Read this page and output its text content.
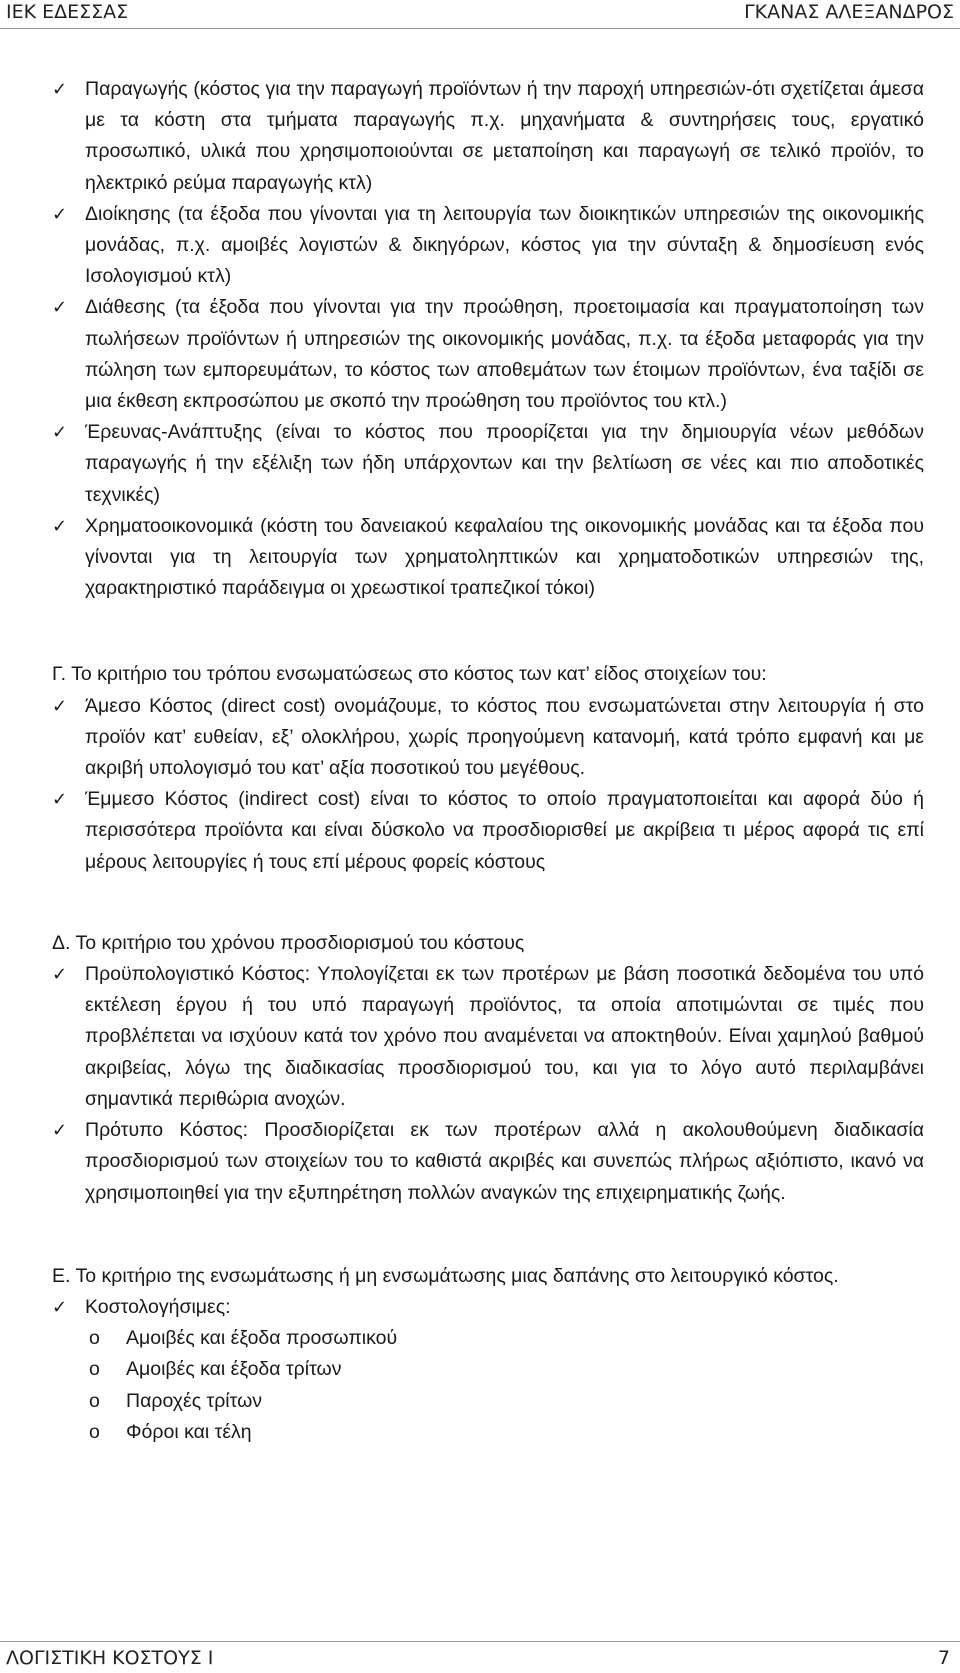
ΙΕΚ ΕΔΕΣΣΑΣ	ΓΚΑΝΑΣ ΑΛΕΞΑΝΔΡΟΣ
✓ Παραγωγής (κόστος για την παραγωγή προϊόντων ή την παροχή υπηρεσιών-ότι σχετίζεται άμεσα με τα κόστη στα τμήματα παραγωγής π.χ. μηχανήματα & συντηρήσεις τους, εργατικό προσωπικό, υλικά που χρησιμοποιούνται σε μεταποίηση και παραγωγή σε τελικό προϊόν, το ηλεκτρικό ρεύμα παραγωγής κτλ)
✓ Διοίκησης (τα έξοδα που γίνονται για τη λειτουργία των διοικητικών υπηρεσιών της οικονομικής μονάδας, π.χ. αμοιβές λογιστών & δικηγόρων, κόστος για την σύνταξη & δημοσίευση ενός Ισολογισμού κτλ)
✓ Διάθεσης (τα έξοδα που γίνονται για την προώθηση, προετοιμασία και πραγματοποίηση των πωλήσεων προϊόντων ή υπηρεσιών της οικονομικής μονάδας, π.χ. τα έξοδα μεταφοράς για την πώληση των εμπορευμάτων, το κόστος των αποθεμάτων των έτοιμων προϊόντων, ένα ταξίδι σε μια έκθεση εκπροσώπου με σκοπό την προώθηση του προϊόντος του κτλ.)
✓ Έρευνας-Ανάπτυξης (είναι το κόστος που προορίζεται για την δημιουργία νέων μεθόδων παραγωγής ή την εξέλιξη των ήδη υπάρχοντων και την βελτίωση σε νέες και πιο αποδοτικές τεχνικές)
✓ Χρηματοοικονομικά (κόστη του δανειακού κεφαλαίου της οικονομικής μονάδας και τα έξοδα που γίνονται για τη λειτουργία των χρηματοληπτικών και χρηματοδοτικών υπηρεσιών της, χαρακτηριστικό παράδειγμα οι χρεωστικοί τραπεζικοί τόκοι)
Γ. Το κριτήριο του τρόπου ενσωματώσεως στο κόστος των κατ’ είδος στοιχείων του:
✓ Άμεσο Κόστος (direct cost) ονομάζουμε, το κόστος που ενσωματώνεται στην λειτουργία ή στο προϊόν κατ’ ευθείαν, εξ’ ολοκλήρου, χωρίς προηγούμενη κατανομή, κατά τρόπο εμφανή και με ακριβή υπολογισμό του κατ’ αξία ποσοτικού του μεγέθους.
✓ Έμμεσο Κόστος (indirect cost) είναι το κόστος το οποίο πραγματοποιείται και αφορά δύο ή περισσότερα προϊόντα και είναι δύσκολο να προσδιορισθεί με ακρίβεια τι μέρος αφορά τις επί μέρους λειτουργίες ή τους επί μέρους φορείς κόστους
Δ. Το κριτήριο του χρόνου προσδιορισμού του κόστους
✓ Προϋπολογιστικό Κόστος: Υπολογίζεται εκ των προτέρων με βάση ποσοτικά δεδομένα του υπό εκτέλεση έργου ή του υπό παραγωγή προϊόντος, τα οποία αποτιμώνται σε τιμές που προβλέπεται να ισχύουν κατά τον χρόνο που αναμένεται να αποκτηθούν. Είναι χαμηλού βαθμού ακριβείας, λόγω της διαδικασίας προσδιορισμού του, και για το λόγο αυτό περιλαμβάνει σημαντικά περιθώρια ανοχών.
✓ Πρότυπο Κόστος: Προσδιορίζεται εκ των προτέρων αλλά η ακολουθούμενη διαδικασία προσδιορισμού των στοιχείων του το καθιστά ακριβές και συνεπώς πλήρως αξιόπιστο, ικανό να χρησιμοποιηθεί για την εξυπηρέτηση πολλών αναγκών της επιχειρηματικής ζωής.
Ε. Το κριτήριο της ενσωμάτωσης ή μη ενσωμάτωσης μιας δαπάνης στο λειτουργικό κόστος.
✓ Κοστολογήσιμες:
o Αμοιβές και έξοδα προσωπικού
o Αμοιβές και έξοδα τρίτων
o Παροχές τρίτων
o Φόροι και τέλη
ΛΟΓΙΣΤΙΚΗ ΚΟΣΤΟΥΣ Ι	7
